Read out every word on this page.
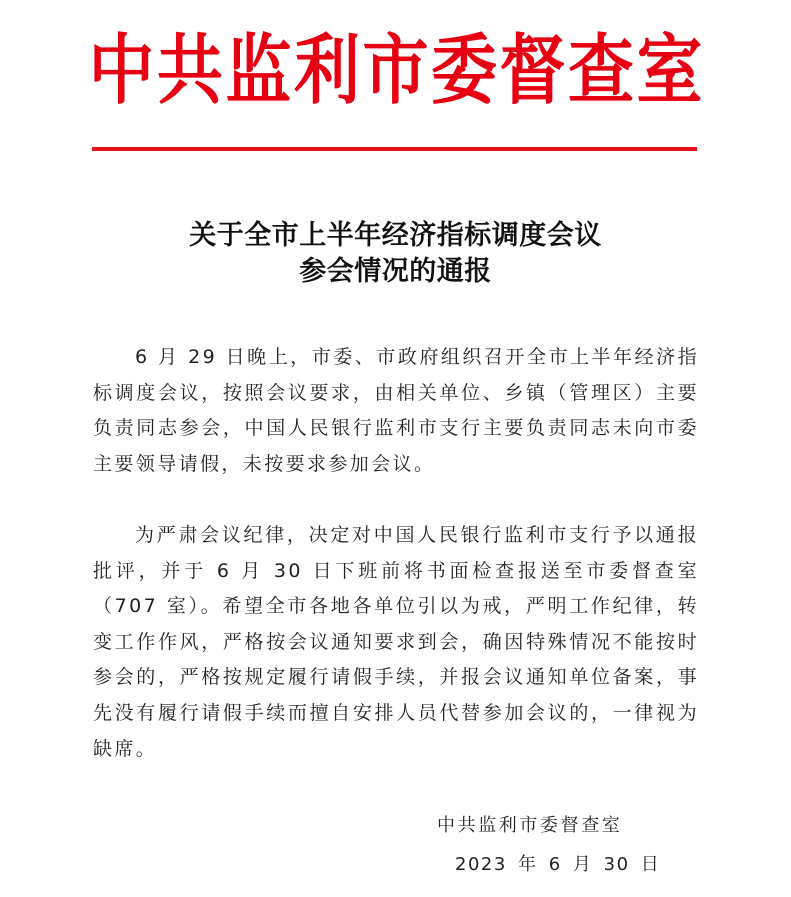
中 共 监 利 市 委 督 查 室
关于全市上半年经济指标调度会议
参会情况的通报

6 月 29 日晚上，市委、市政府组织召开全市上半年经济指标调度会议，按照会议要求，由相关单位、乡镇（管理区）主要负责同志参会，中国人民银行监利市支行主要负责同志未向市委主要领导请假，未按要求参加会议。

为严肃会议纪律，决定对中国人民银行监利市支行予以通报批评，并于 6 月 30 日下班前将书面检查报送至市委督查室（707 室）。希望全市各地各单位引以为戒，严明工作纪律，转变工作作风，严格按会议通知要求到会，确因特殊情况不能按时参会的，严格按规定履行请假手续，并报会议通知单位备案，事先没有履行请假手续而擅自安排人员代替参加会议的，一律视为缺席。

中共监利市委督查室
2023 年 6 月 30 日
